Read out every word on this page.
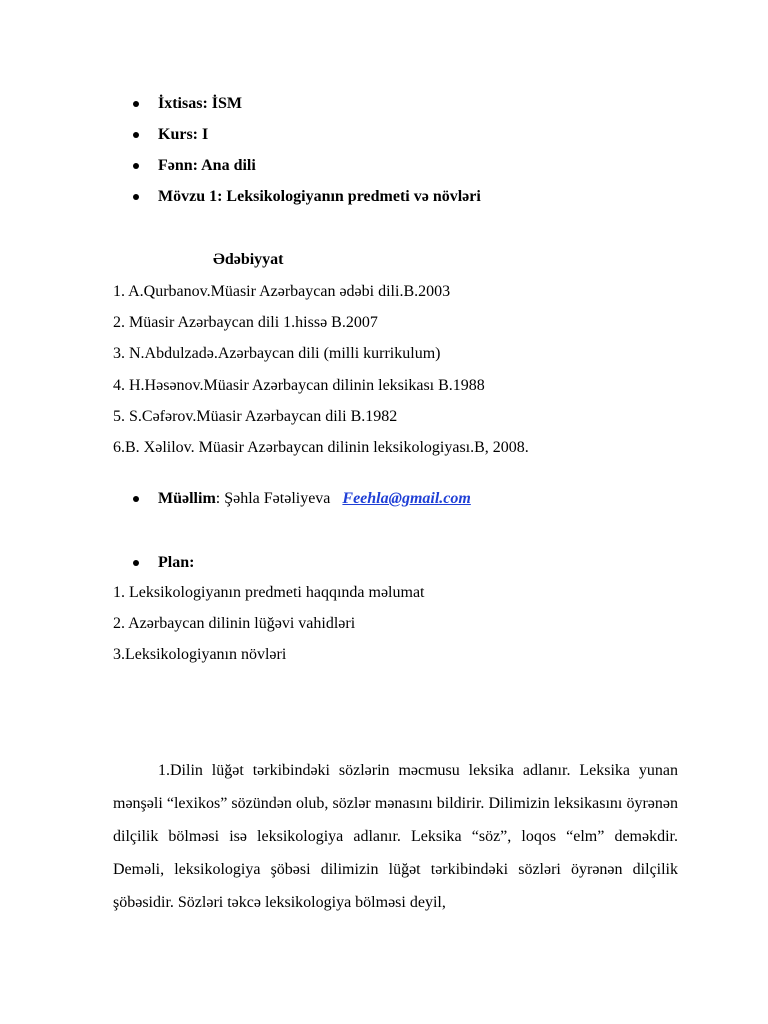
İxtisas: İSM
Kurs: I
Fənn: Ana dili
Mövzu 1: Leksikologiyanın predmeti və növləri
Ədəbiyyat
1. A.Qurbanov.Müasir Azərbaycan ədəbi dili.B.2003
2. Müasir Azərbaycan dili 1.hissə B.2007
3. N.Abdulzadə.Azərbaycan dili (milli kurrikulum)
4. H.Həsənov.Müasir Azərbaycan dilinin leksikası B.1988
5. S.Cəfərov.Müasir Azərbaycan dili B.1982
6.B. Xəlilov. Müasir Azərbaycan dilinin leksikologiyası.B, 2008.
Müəllim: Şəhla Fətəliyeva Feehla@gmail.com
Plan:
1. Leksikologiyanın predmeti haqqında məlumat
2. Azərbaycan dilinin lüğəvi vahidləri
3.Leksikologiyanın növləri

1.Dilin lüğət tərkibindəki sözlərin məcmusu leksika adlanır. Leksika yunan mənşəli “lexikos” sözündən olub, sözlər mənasını bildirir. Dilimizin leksikasını öyrənən dilçilik bölməsi isə leksikologiya adlanır. Leksika “söz”, loqos “elm” deməkdir. Deməli, leksikologiya şöbəsi dilimizin lüğət tərkibindəki sözləri öyrənən dilçilik şöbəsidir. Sözləri təkcə leksikologiya bölməsi deyil,
